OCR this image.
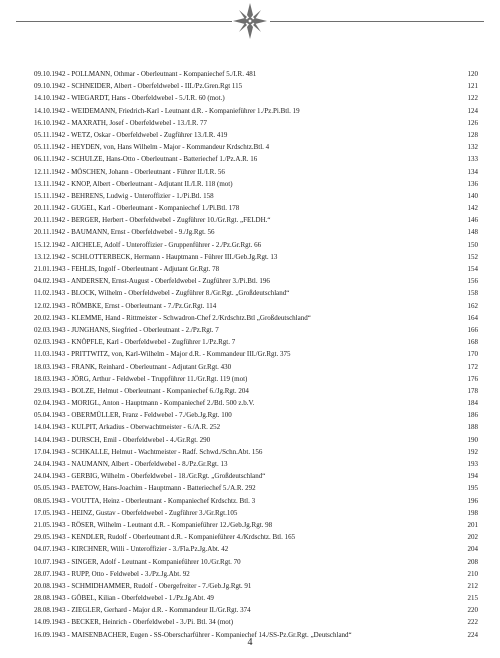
09.10.1942 - POLLMANN, Othmar - Oberleutnant - Kompaniechef 5./I.R. 481	120
09.10.1942 - SCHNEIDER, Albert - Oberfeldwebel - III./Pz.Gren.Rgt 115	121
14.10.1942 - WIEGARDT, Hans - Oberfeldwebel - 5./I.R. 60 (mot.)	122
14.10.1942 - WEIDEMANN, Friedrich-Karl - Leutnant d.R. - Kompanieführer 1./Pz.Pi.Btl. 19	124
16.10.1942 - MAXRATH, Josef - Oberfeldwebel - 13./I.R. 77	126
05.11.1942 - WETZ, Oskar - Oberfeldwebel - Zugführer 13./I.R. 419	128
05.11.1942 - HEYDEN, von, Hans Wilhelm - Major - Kommandeur Krdschtz.Btl. 4	132
06.11.1942 - SCHULZE, Hans-Otto - Oberleutnant - Batteriechef 1./Pz.A.R. 16	133
12.11.1942 - MÖSCHEN, Johann - Oberleutnant - Führer II./I.R. 56	134
13.11.1942 - KNOP, Albert - Oberleutnant - Adjutant II./I.R. 118 (mot)	136
15.11.1942 - BEHRENS, Ludwig - Unteroffizier - 1./Pi.Btl. 158	140
20.11.1942 - GUGEL, Karl - Oberleutnant - Kompaniechef 1./Pi.Btl. 178	142
20.11.1942 - BERGER, Herbert - Oberfeldwebel - Zugführer 10./Gr.Rgt. „FELDH.“	146
20.11.1942 - BAUMANN, Ernst - Oberfeldwebel - 9./Jg.Rgt. 56	148
15.12.1942 - AICHELE, Adolf - Unteroffizier - Gruppenführer - 2./Pz.Gr.Rgt. 66	150
13.12.1942 - SCHLOTTERBECK, Hermann - Hauptmann - Führer III./Geb.Jg.Rgt. 13	152
21.01.1943 - FEHLIS, Ingolf - Oberleutnant - Adjutant Gr.Rgt. 78	154
04.02.1943 - ANDERSEN, Ernst-August - Oberfeldwebel - Zugführer 3./Pi.Btl. 196	156
11.02.1943 - BLOCK, Wilhelm - Oberfeldwebel - Zugführer 8./Gr.Rgt. „Großdeutschland“	158
12.02.1943 - RÖMBKE, Ernst - Oberleutnant - 7./Pz.Gr.Rgt. 114	162
20.02.1943 - KLEMME, Hand - Rittmeister - Schwadron-Chef 2./Krdschtz.Btl „Großdeutschland“	164
02.03.1943 - JUNGHANS, Siegfried - Oberleutnant - 2./Pz.Rgt. 7	166
02.03.1943 - KNÖPFLE, Karl - Oberfeldwebel - Zugführer 1./Pz.Rgt. 7	168
11.03.1943 - PRITTWITZ, von, Karl-Wilhelm - Major d.R. - Kommandeur III./Gr.Rgt. 375	170
18.03.1943 - FRANK, Reinhard - Oberleutnant - Adjutant Gr.Rgt. 430	172
18.03.1943 - JÖRG, Arthur - Feldwebel - Truppführer 11./Gr.Rgt. 119 (mot)	176
29.03.1943 - BOLZE, Helmut - Oberleutnant - Kompaniechef 6./Jg.Rgt. 204	178
02.04.1943 - MORIGL, Anton - Hauptmann - Kompaniechef 2./Btl. 500 z.b.V.	184
05.04.1943 - OBERMÜLLER, Franz - Feldwebel - 7./Geb.Jg.Rgt. 100	186
14.04.1943 - KULPIT, Arkadius - Oberwachtmeister - 6./A.R. 252	188
14.04.1943 - DURSCH, Emil - Oberfeldwebel - 4./Gr.Rgt. 290	190
17.04.1943 - SCHKALLE, Helmut - Wachtmeister - Radf. Schwd./Schn.Abt. 156	192
24.04.1943 - NAUMANN, Albert - Oberfeldwebel - 8./Pz.Gr.Rgt. 13	193
24.04.1943 - GERBIG, Wilhelm - Oberfeldwebel - 18./Gr.Rgt. „Großdeutschland“	194
05.05.1943 - PAETOW, Hans-Joachim - Hauptmann - Batteriechef 5./A.R. 292	195
08.05.1943 - VOUTTA, Heinz - Oberleutnant - Kompaniechef Krdschtz. Btl. 3	196
17.05.1943 - HEINZ, Gustav - Oberfeldwebel - Zugführer 3./Gr.Rgt.105	198
21.05.1943 - RÖSER, Wilhelm - Leutnant d.R. - Kompanieführer 12./Geb.Jg.Rgt. 98	201
29.05.1943 - KENDLER, Rudolf - Oberleutnant d.R. - Kompanieführer 4./Krdschtz. Btl. 165	202
04.07.1943 - KIRCHNER, Willi - Unteroffizier - 3./Fla.Pz.Jg.Abt. 42	204
10.07.1943 - SINGER, Adolf - Leutnant - Kompanieführer 10./Gr.Rgt. 70	208
28.07.1943 - RUPP, Otto - Feldwebel - 3./Pz.Jg.Abt. 92	210
20.08.1943 - SCHMIDHAMMER, Rudolf - Obergefreiter - 7./Geb.Jg.Rgt. 91	212
28.08.1943 - GÖBEL, Kilian - Oberfeldwebel - 1./Pz.Jg.Abt. 49	215
28.08.1943 - ZIEGLER, Gerhard - Major d.R. - Kommandeur II./Gr.Rgt. 374	220
14.09.1943 - BECKER, Heinrich - Oberfeldwebel - 3./Pi. Btl. 34 (mot)	222
16.09.1943 - MAISENBACHER, Eugen - SS-Oberscharführer - Kompaniechef 14./SS-Pz.Gr.Rgt. „Deutschland“	224
4
